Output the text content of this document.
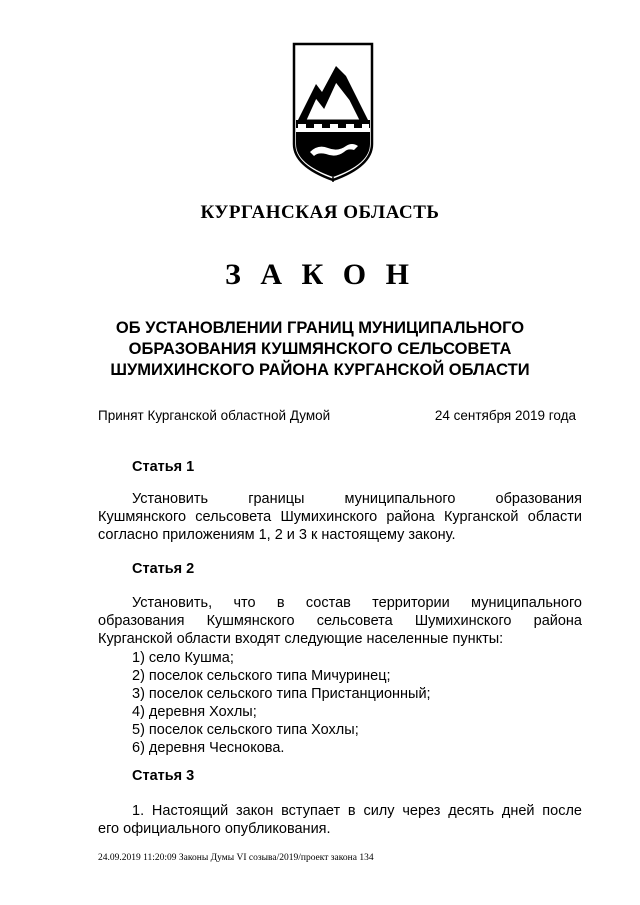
КУРГАНСКАЯ ОБЛАСТЬ
З А К О Н
ОБ УСТАНОВЛЕНИИ ГРАНИЦ МУНИЦИПАЛЬНОГО
ОБРАЗОВАНИЯ КУШМЯНСКОГО СЕЛЬСОВЕТА
ШУМИХИНСКОГО РАЙОНА КУРГАНСКОЙ ОБЛАСТИ
Принят Курганской областной Думой	24 сентября 2019 года
Статья 1
Установить границы муниципального образования
Кушмянского сельсовета Шумихинского района Курганской области
согласно приложениям 1, 2 и 3 к настоящему закону.
Статья 2
Установить, что в состав территории муниципального
образования Кушмянского сельсовета Шумихинского района
Курганской области входят следующие населенные пункты:
1) село Кушма;
2) поселок сельского типа Мичуринец;
3) поселок сельского типа Пристанционный;
4) деревня Хохлы;
5) поселок сельского типа Хохлы;
6) деревня Чеснокова.
Статья 3
1. Настоящий закон вступает в силу через десять дней после
его официального опубликования.
24.09.2019 11:20:09 Законы Думы VI созыва/2019/проект закона 134
